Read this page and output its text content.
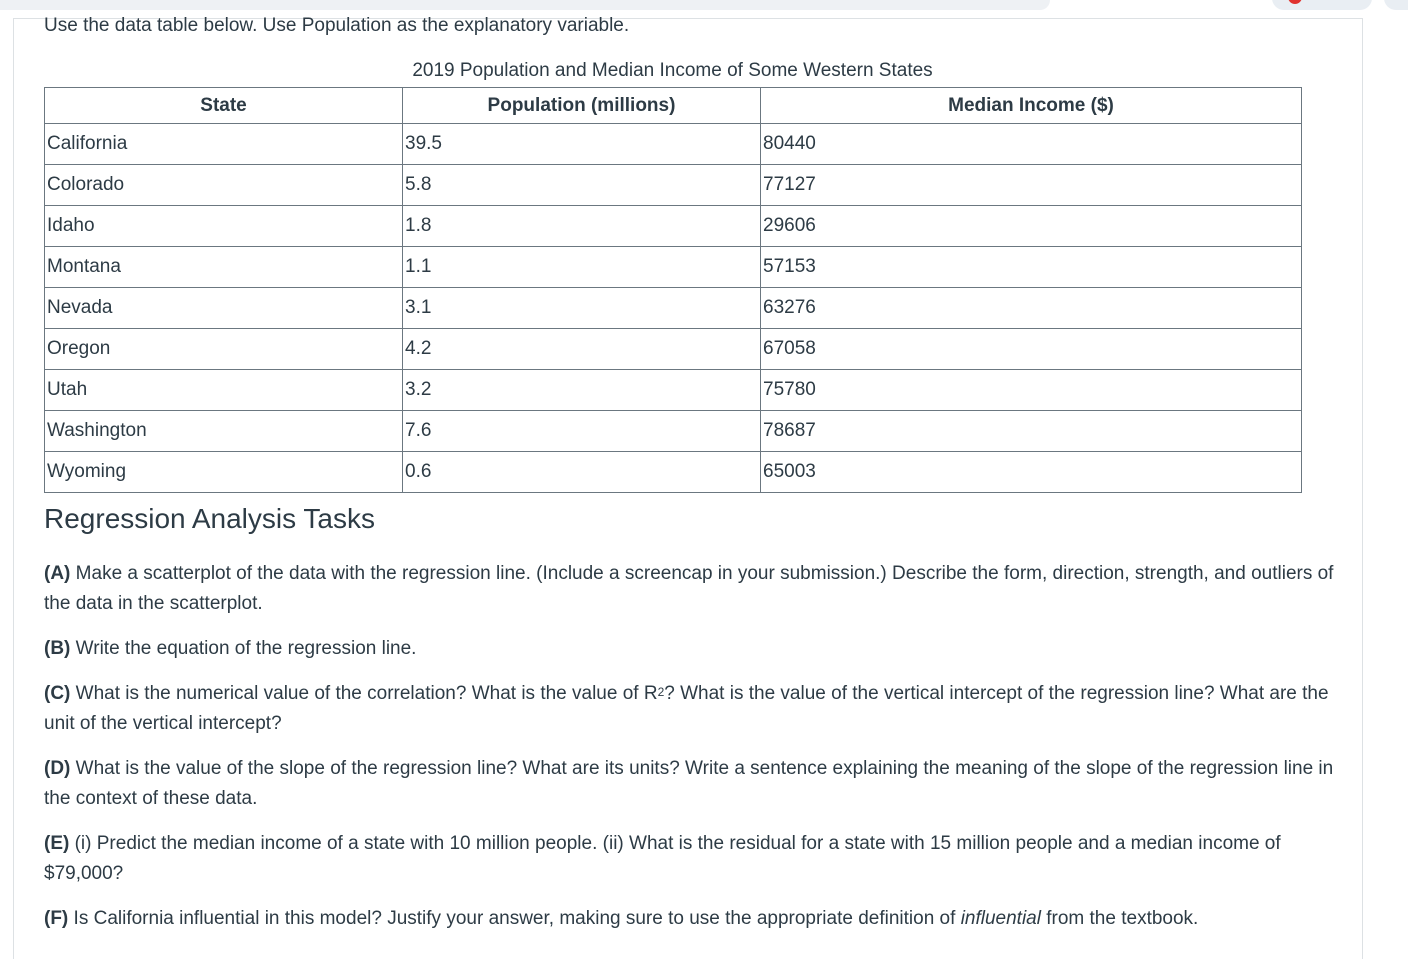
Use the data table below. Use Population as the explanatory variable.
2019 Population and Median Income of Some Western States
State	Population (millions)	Median Income ($)
California	39.5	80440
Colorado	5.8	77127
Idaho	1.8	29606
Montana	1.1	57153
Nevada	3.1	63276
Oregon	4.2	67058
Utah	3.2	75780
Washington	7.6	78687
Wyoming	0.6	65003
Regression Analysis Tasks

(A) Make a scatterplot of the data with the regression line. (Include a screencap in your submission.) Describe the form, direction, strength, and outliers of the data in the scatterplot.

(B) Write the equation of the regression line.

(C) What is the numerical value of the correlation? What is the value of $R^2$? What is the value of the vertical intercept of the regression line? What are the unit of the vertical intercept?

(D) What is the value of the slope of the regression line? What are its units? Write a sentence explaining the meaning of the slope of the regression line in the context of these data.

(E) (i) Predict the median income of a state with 10 million people. (ii) What is the residual for a state with 15 million people and a median income of $79,000?

(F) Is California influential in this model? Justify your answer, making sure to use the appropriate definition of influential from the textbook.
